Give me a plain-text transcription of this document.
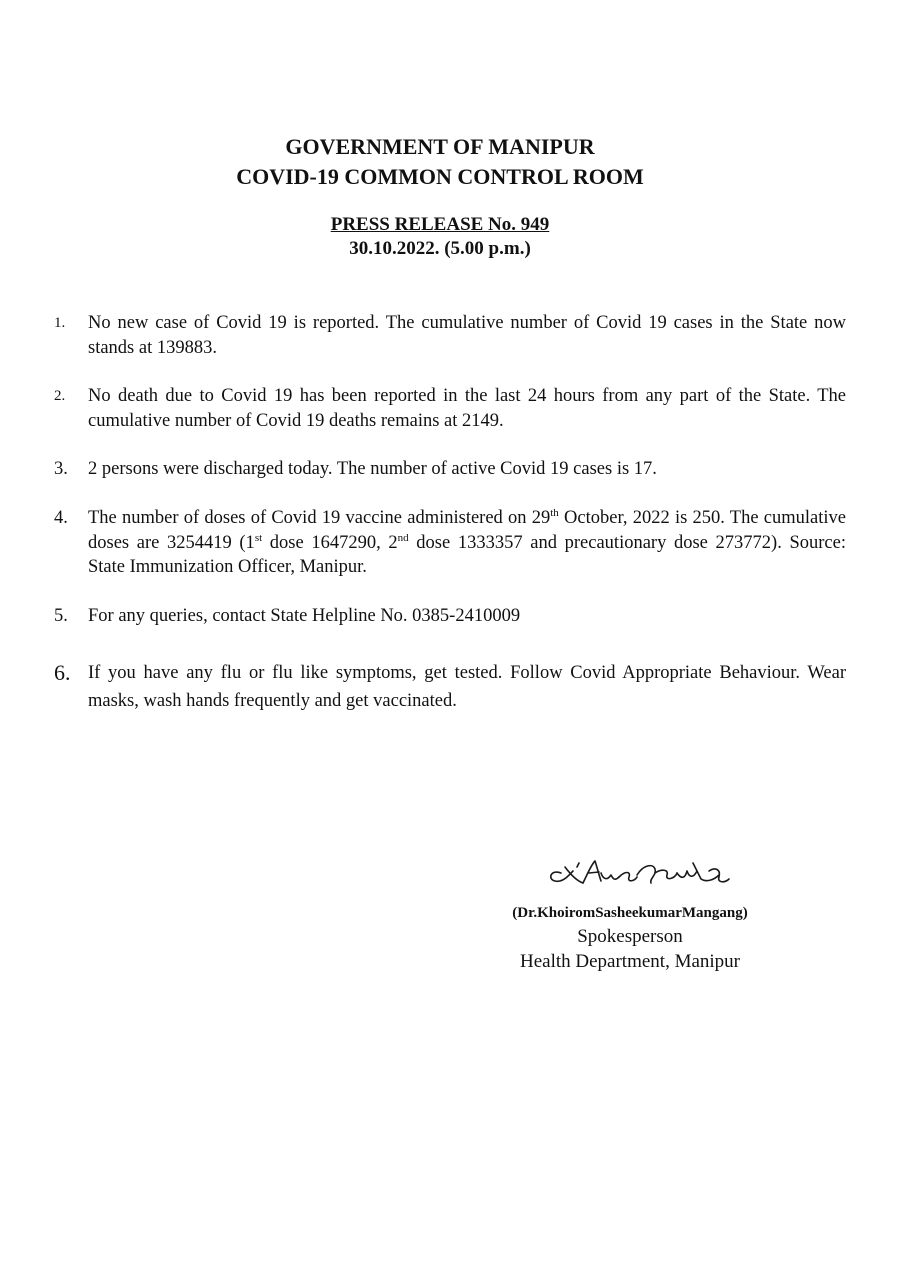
GOVERNMENT OF MANIPUR
COVID-19 COMMON CONTROL ROOM
PRESS RELEASE No. 949
30.10.2022. (5.00 p.m.)
1.	No new case of Covid 19 is reported. The cumulative number of Covid 19 cases in the State now stands at 139883.
2.	No death due to Covid 19 has been reported in the last 24 hours from any part of the State. The cumulative number of Covid 19 deaths remains at 2149.
3.	2 persons were discharged today. The number of active Covid 19 cases is 17.
4.	The number of doses of Covid 19 vaccine administered on 29th October, 2022 is 250. The cumulative doses are 3254419 (1st dose 1647290, 2nd dose 1333357 and precautionary dose 273772). Source: State Immunization Officer, Manipur.
5.	For any queries, contact State Helpline No. 0385-2410009
6. If you have any flu or flu like symptoms, get tested. Follow Covid Appropriate Behaviour. Wear masks, wash hands frequently and get vaccinated.
(Dr.KhoiromSasheekumarMangang)
Spokesperson
Health Department, Manipur
